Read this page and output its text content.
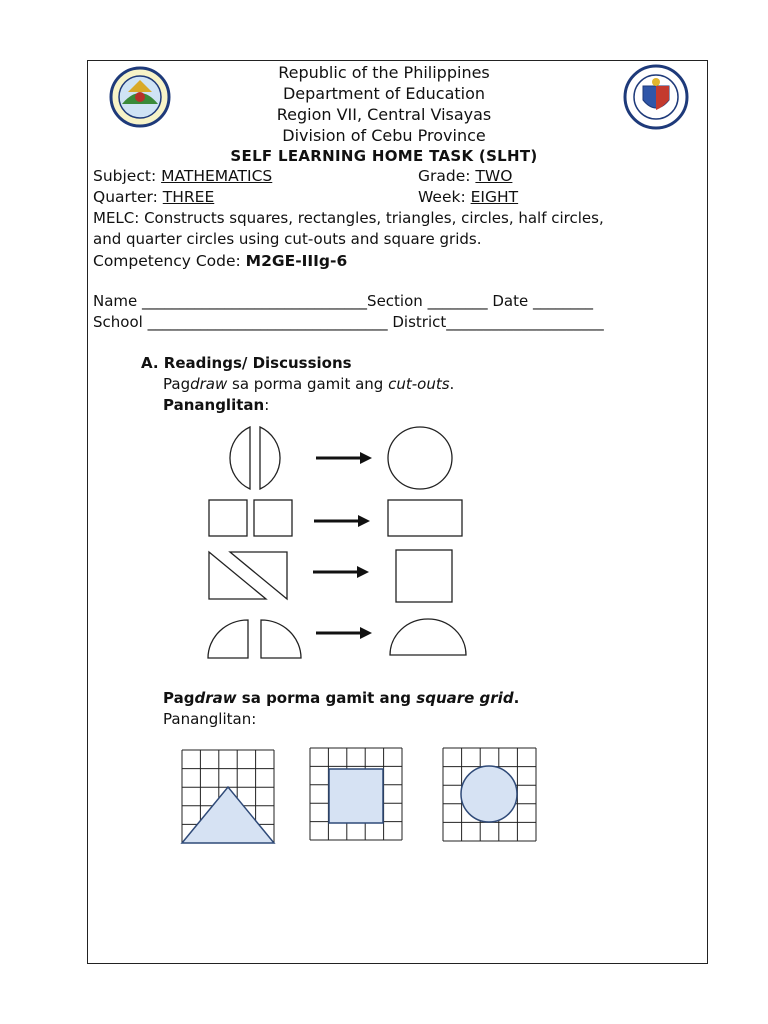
Republic of the Philippines
Department of Education
Region VII, Central Visayas
Division of Cebu Province
SELF LEARNING HOME TASK (SLHT)
Subject: MATHEMATICS	Grade: TWO
Quarter: THREE	Week: EIGHT
MELC: Constructs squares, rectangles, triangles, circles, half circles,
and quarter circles using cut-outs and square grids.
Competency Code: M2GE-IIIg-6
Name ______________________________Section ________ Date ________
School ________________________________ District_____________________
A. Readings/ Discussions
Pagdraw sa porma gamit ang cut-outs.
Pananglitan:
Pagdraw sa porma gamit ang square grid.
Pananglitan:
